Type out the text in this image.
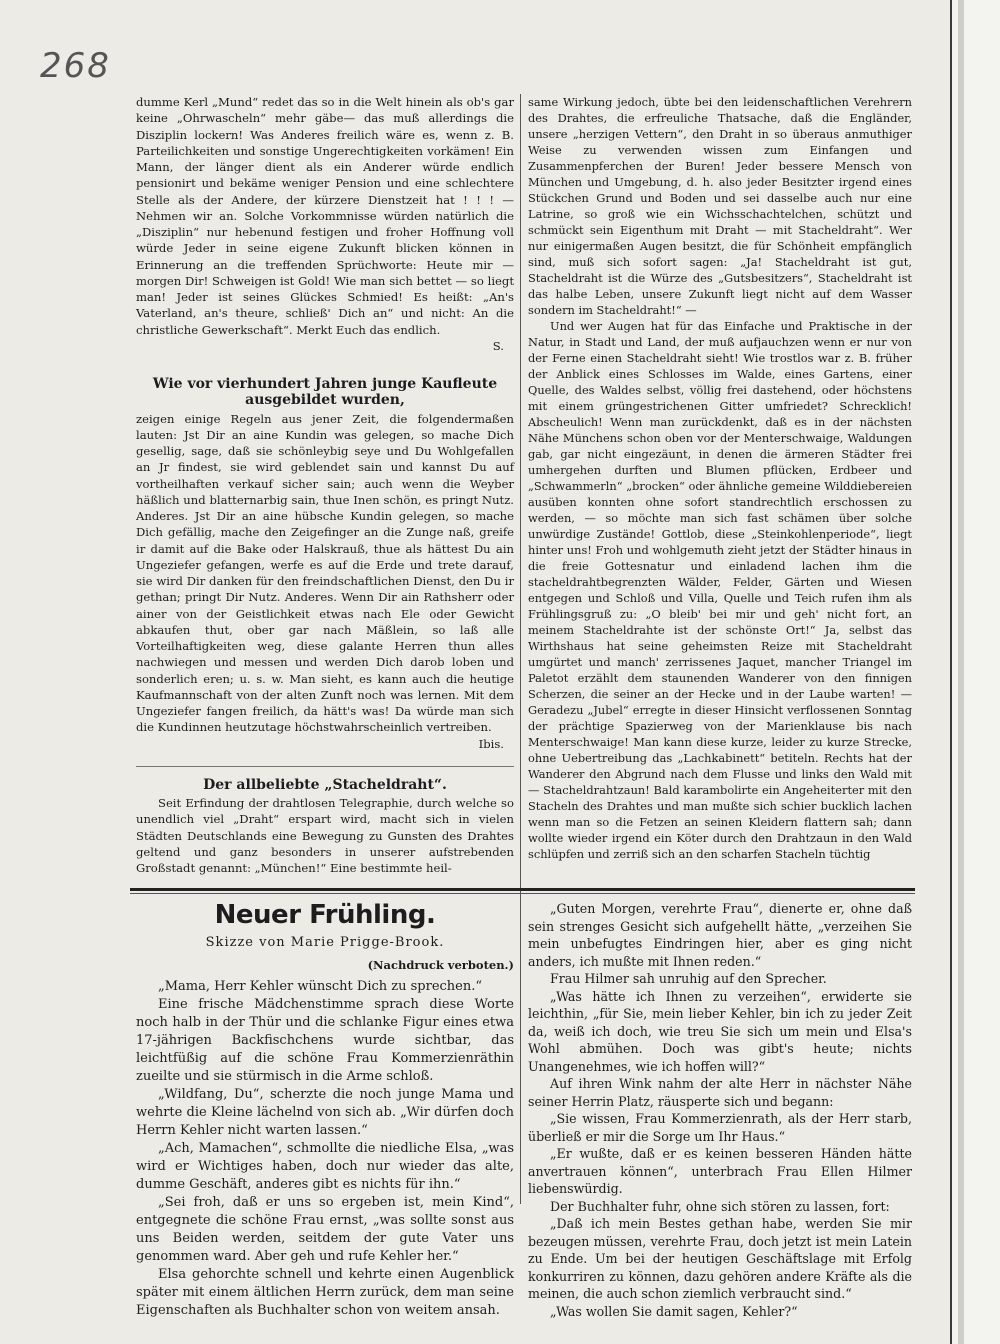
268

dumme Kerl „Mund“ redet das so in die Welt hinein als ob's gar keine „Ohrwascheln“ mehr gäbe— das muß allerdings die Disziplin lockern! Was Anderes freilich wäre es, wenn z. B. Parteilichkeiten und sonstige Ungerechtigkeiten vorkämen! Ein Mann, der länger dient als ein Anderer würde endlich pensionirt und bekäme weniger Pension und eine schlechtere Stelle als der Andere, der kürzere Dienstzeit hat ! ! ! — Nehmen wir an. Solche Vorkommnisse würden natürlich die „Disziplin“ nur hebenund festigen und froher Hoffnung voll würde Jeder in seine eigene Zukunft blicken können in Erinnerung an die treffenden Sprüchworte: Heute mir — morgen Dir! Schweigen ist Gold! Wie man sich bettet — so liegt man! Jeder ist seines Glückes Schmied! Es heißt: „An's Vaterland, an's theure, schließ' Dich an“ und nicht: An die christliche Gewerkschaft“. Merkt Euch das endlich.

S.

Wie vor vierhundert Jahren junge Kaufleute ausgebildet wurden,

zeigen einige Regeln aus jener Zeit, die folgendermaßen lauten: Jst Dir an aine Kundin was gelegen, so mache Dich gesellig, sage, daß sie schönleybig seye und Du Wohlgefallen an Jr findest, sie wird geblendet sain und kannst Du auf vortheilhaften verkauf sicher sain; auch wenn die Weyber häßlich und blatternarbig sain, thue Inen schön, es pringt Nutz. Anderes. Jst Dir an aine hübsche Kundin gelegen, so mache Dich gefällig, mache den Zeigefinger an die Zunge naß, greife ir damit auf die Bake oder Halskrauß, thue als hättest Du ain Ungeziefer gefangen, werfe es auf die Erde und trete darauf, sie wird Dir danken für den freindschaftlichen Dienst, den Du ir gethan; pringt Dir Nutz. Anderes. Wenn Dir ain Rathsherr oder ainer von der Geistlichkeit etwas nach Ele oder Gewicht abkaufen thut, ober gar nach Mäßlein, so laß alle Vorteilhaftigkeiten weg, diese galante Herren thun alles nachwiegen und messen und werden Dich darob loben und sonderlich eren; u. s. w. Man sieht, es kann auch die heutige Kaufmannschaft von der alten Zunft noch was lernen. Mit dem Ungeziefer fangen freilich, da hätt's was! Da würde man sich die Kundinnen heutzutage höchstwahrscheinlich vertreiben.

Ibis.

Der allbeliebte „Stacheldraht“.

Seit Erfindung der drahtlosen Telegraphie, durch welche so unendlich viel „Draht“ erspart wird, macht sich in vielen Städten Deutschlands eine Bewegung zu Gunsten des Drahtes geltend und ganz besonders in unserer aufstrebenden Großstadt genannt: „München!“ Eine bestimmte heil-

same Wirkung jedoch, übte bei den leidenschaftlichen Verehrern des Drahtes, die erfreuliche Thatsache, daß die Engländer, unsere „herzigen Vettern“, den Draht in so überaus anmuthiger Weise zu verwenden wissen zum Einfangen und Zusammenpferchen der Buren! Jeder bessere Mensch von München und Umgebung, d. h. also jeder Besitzter irgend eines Stückchen Grund und Boden und sei dasselbe auch nur eine Latrine, so groß wie ein Wichsschachtelchen, schützt und schmückt sein Eigenthum mit Draht — mit Stacheldraht“. Wer nur einigermaßen Augen besitzt, die für Schönheit empfänglich sind, muß sich sofort sagen: „Ja! Stacheldraht ist gut, Stacheldraht ist die Würze des „Gutsbesitzers“, Stacheldraht ist das halbe Leben, unsere Zukunft liegt nicht auf dem Wasser sondern im Stacheldraht!“ —

Und wer Augen hat für das Einfache und Praktische in der Natur, in Stadt und Land, der muß aufjauchzen wenn er nur von der Ferne einen Stacheldraht sieht! Wie trostlos war z. B. früher der Anblick eines Schlosses im Walde, eines Gartens, einer Quelle, des Waldes selbst, völlig frei dastehend, oder höchstens mit einem grüngestrichenen Gitter umfriedet? Schrecklich! Abscheulich! Wenn man zurückdenkt, daß es in der nächsten Nähe Münchens schon oben vor der Menterschwaige, Waldungen gab, gar nicht eingezäunt, in denen die ärmeren Städter frei umhergehen durften und Blumen pflücken, Erdbeer und „Schwammerln“ „brocken“ oder ähnliche gemeine Wilddiebereien ausüben konnten ohne sofort standrechtlich erschossen zu werden, — so möchte man sich fast schämen über solche unwürdige Zustände! Gottlob, diese „Steinkohlenperiode“, liegt hinter uns! Froh und wohlgemuth zieht jetzt der Städter hinaus in die freie Gottesnatur und einladend lachen ihm die stacheldrahtbegrenzten Wälder, Felder, Gärten und Wiesen entgegen und Schloß und Villa, Quelle und Teich rufen ihm als Frühlingsgruß zu: „O bleib' bei mir und geh' nicht fort, an meinem Stacheldrahte ist der schönste Ort!“ Ja, selbst das Wirthshaus hat seine geheimsten Reize mit Stacheldraht umgürtet und manch' zerrissenes Jaquet, mancher Triangel im Paletot erzählt dem staunenden Wanderer von den finnigen Scherzen, die seiner an der Hecke und in der Laube warten! — Geradezu „Jubel“ erregte in dieser Hinsicht verflossenen Sonntag der prächtige Spazierweg von der Marienklause bis nach Menterschwaige! Man kann diese kurze, leider zu kurze Strecke, ohne Uebertreibung das „Lachkabinett“ betiteln. Rechts hat der Wanderer den Abgrund nach dem Flusse und links den Wald mit — Stacheldrahtzaun! Bald karambolirte ein Angeheiterter mit den Stacheln des Drahtes und man mußte sich schier bucklich lachen wenn man so die Fetzen an seinen Kleidern flattern sah; dann wollte wieder irgend ein Köter durch den Drahtzaun in den Wald schlüpfen und zerriß sich an den scharfen Stacheln tüchtig

Neuer Frühling.

Skizze von Marie Prigge-Brook.

(Nachdruck verboten.)

„Mama, Herr Kehler wünscht Dich zu sprechen.“

Eine frische Mädchenstimme sprach diese Worte noch halb in der Thür und die schlanke Figur eines etwa 17-jährigen Backfischchens wurde sichtbar, das leichtfüßig auf die schöne Frau Kommerzienräthin zueilte und sie stürmisch in die Arme schloß.

„Wildfang, Du“, scherzte die noch junge Mama und wehrte die Kleine lächelnd von sich ab. „Wir dürfen doch Herrn Kehler nicht warten lassen.“

„Ach, Mamachen“, schmollte die niedliche Elsa, „was wird er Wichtiges haben, doch nur wieder das alte, dumme Geschäft, anderes gibt es nichts für ihn.“

„Sei froh, daß er uns so ergeben ist, mein Kind“, entgegnete die schöne Frau ernst, „was sollte sonst aus uns Beiden werden, seitdem der gute Vater uns genommen ward. Aber geh und rufe Kehler her.“

Elsa gehorchte schnell und kehrte einen Augenblick später mit einem ältlichen Herrn zurück, dem man seine Eigenschaften als Buchhalter schon von weitem ansah.

„Guten Morgen, verehrte Frau“, dienerte er, ohne daß sein strenges Gesicht sich aufgehellt hätte, „verzeihen Sie mein unbefugtes Eindringen hier, aber es ging nicht anders, ich mußte mit Ihnen reden.“

Frau Hilmer sah unruhig auf den Sprecher.

„Was hätte ich Ihnen zu verzeihen“, erwiderte sie leichthin, „für Sie, mein lieber Kehler, bin ich zu jeder Zeit da, weiß ich doch, wie treu Sie sich um mein und Elsa's Wohl abmühen. Doch was gibt's heute; nichts Unangenehmes, wie ich hoffen will?“

Auf ihren Wink nahm der alte Herr in nächster Nähe seiner Herrin Platz, räusperte sich und begann:

„Sie wissen, Frau Kommerzienrath, als der Herr starb, überließ er mir die Sorge um Ihr Haus.“

„Er wußte, daß er es keinen besseren Händen hätte anvertrauen können“, unterbrach Frau Ellen Hilmer liebenswürdig.

Der Buchhalter fuhr, ohne sich stören zu lassen, fort:

„Daß ich mein Bestes gethan habe, werden Sie mir bezeugen müssen, verehrte Frau, doch jetzt ist mein Latein zu Ende. Um bei der heutigen Geschäftslage mit Erfolg konkurriren zu können, dazu gehören andere Kräfte als die meinen, die auch schon ziemlich verbraucht sind.“

„Was wollen Sie damit sagen, Kehler?“
